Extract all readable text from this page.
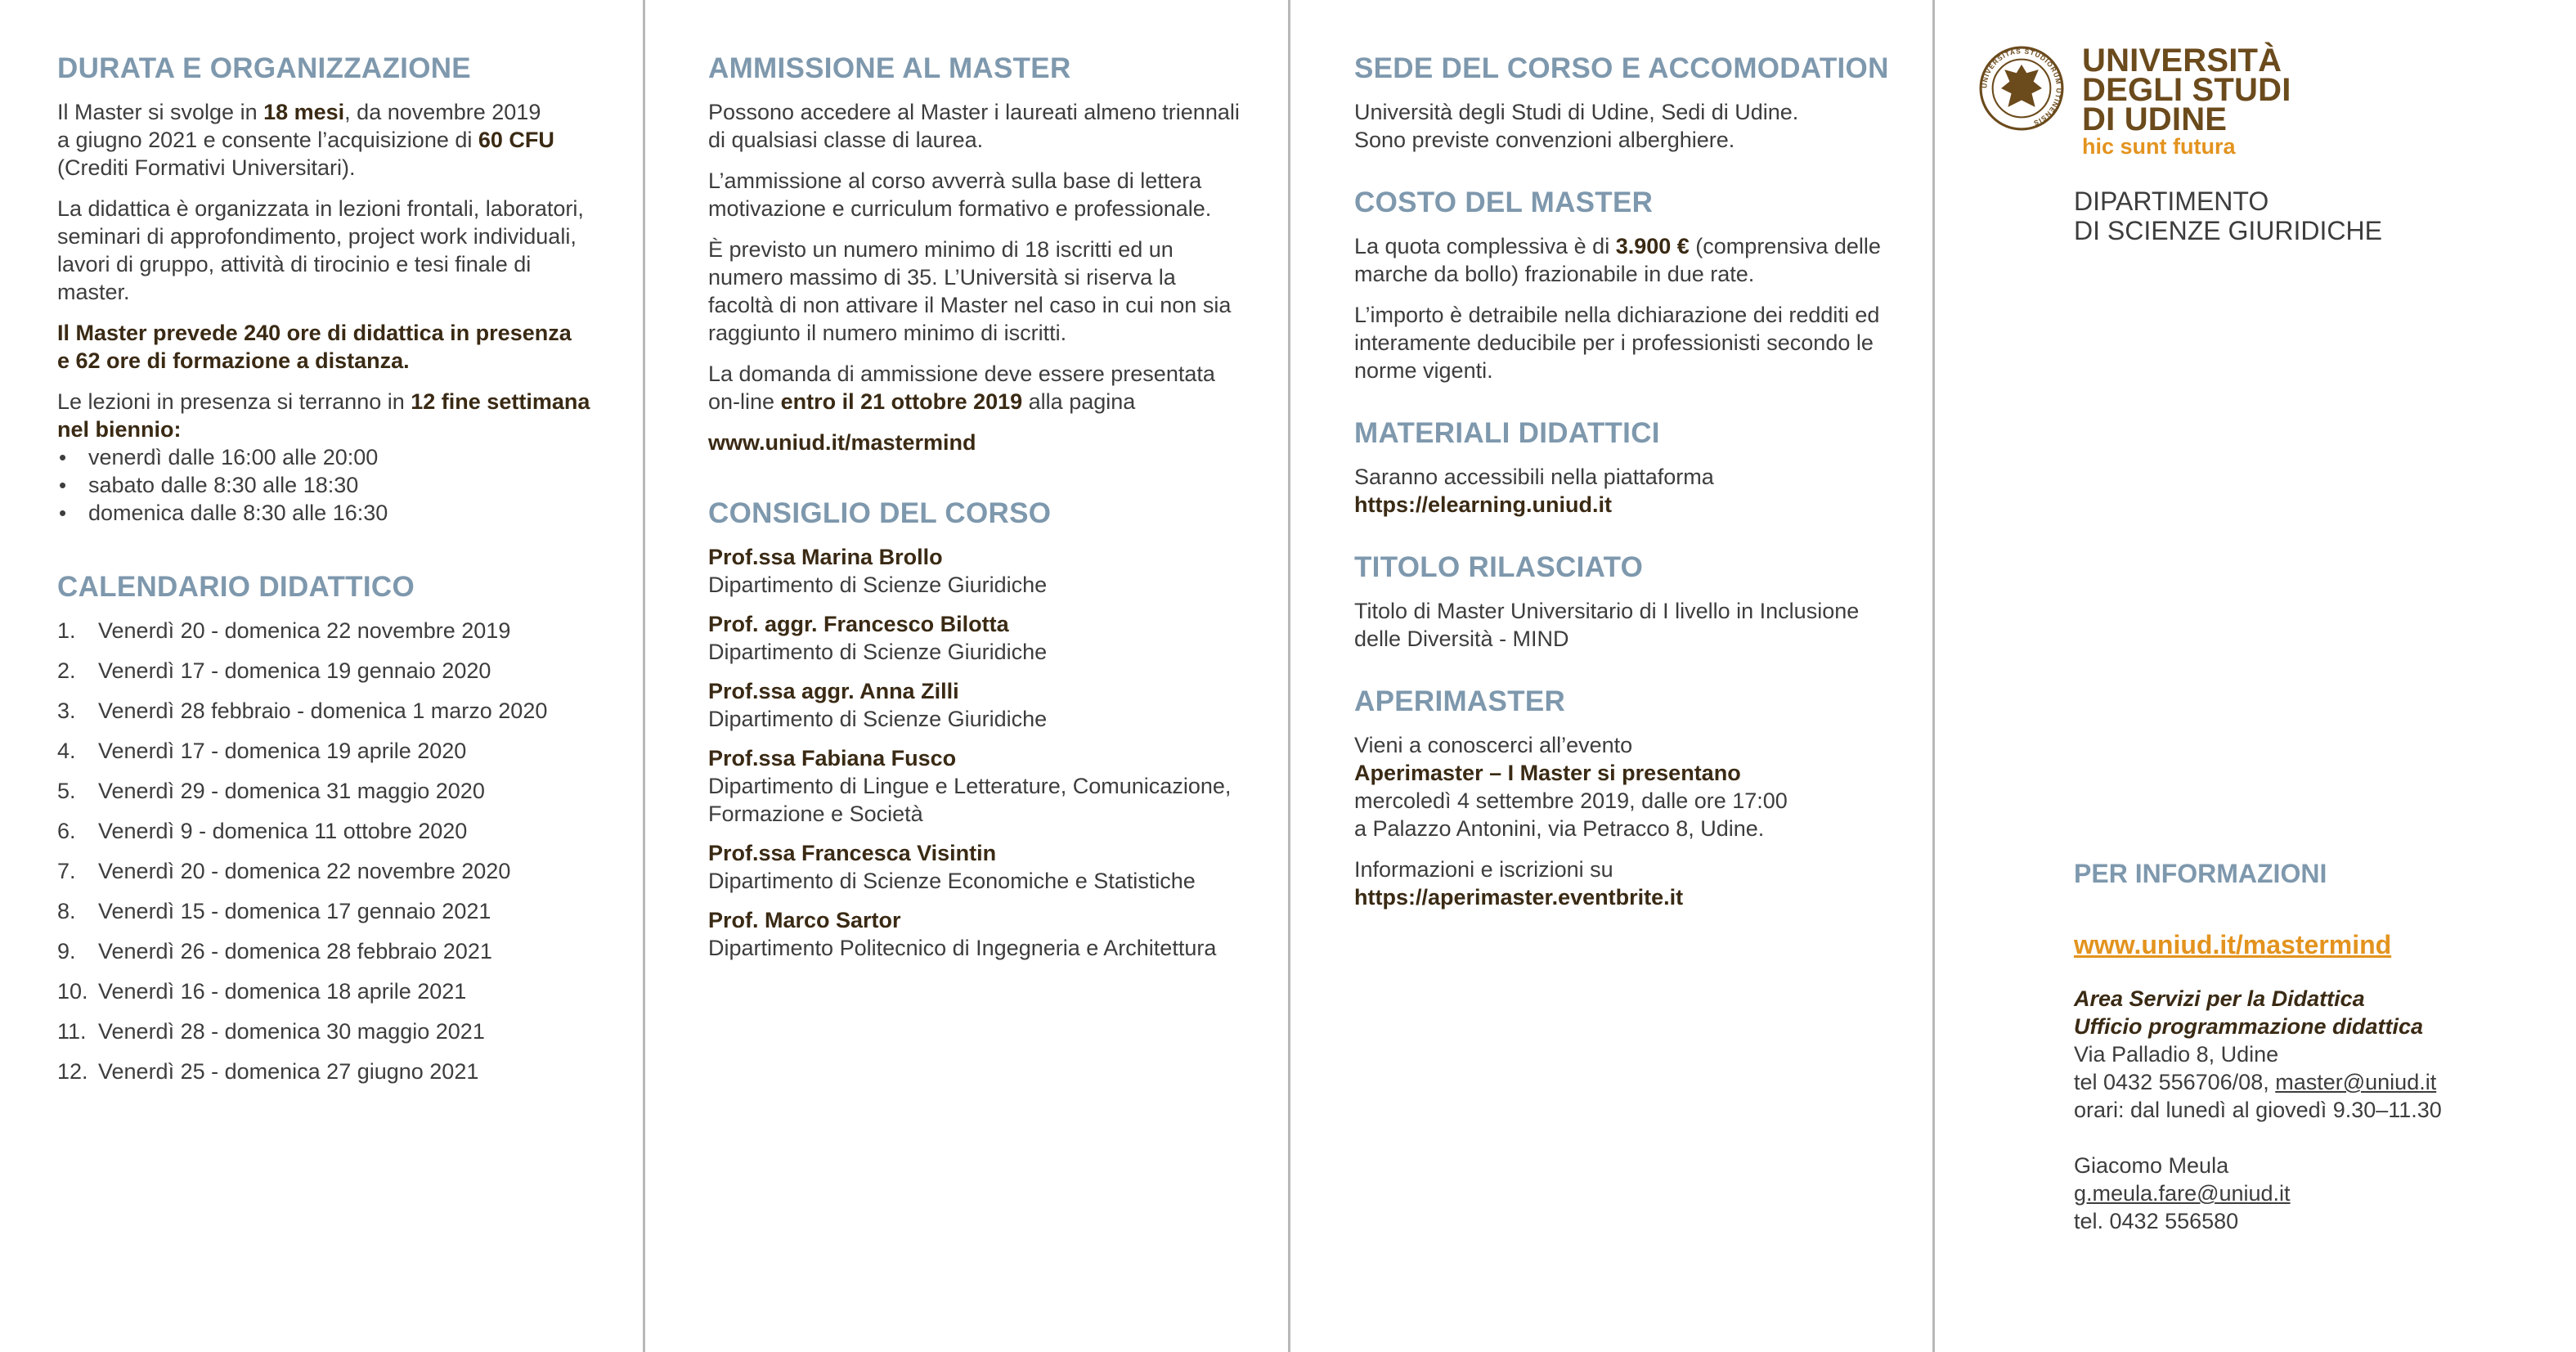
DURATA E ORGANIZZAZIONE

Il Master si svolge in 18 mesi, da novembre 2019
a giugno 2021 e consente l’acquisizione di 60 CFU
(Crediti Formativi Universitari).

La didattica è organizzata in lezioni frontali, laboratori,
seminari di approfondimento, project work individuali,
lavori di gruppo, attività di tirocinio e tesi finale di
master.

Il Master prevede 240 ore di didattica in presenza
e 62 ore di formazione a distanza.

Le lezioni in presenza si terranno in 12 fine settimana
nel biennio:

• venerdì dalle 16:00 alle 20:00
• sabato dalle 8:30 alle 18:30
• domenica dalle 8:30 alle 16:30
CALENDARIO DIDATTICO
1.	Venerdì 20 - domenica 22 novembre 2019
2.	Venerdì 17 - domenica 19 gennaio 2020
3.	Venerdì 28 febbraio - domenica 1 marzo 2020
4.	Venerdì 17 - domenica 19 aprile 2020
5.	Venerdì 29 - domenica 31 maggio 2020
6.	Venerdì 9 - domenica 11 ottobre 2020
7.	Venerdì 20 - domenica 22 novembre 2020
8.	Venerdì 15 - domenica 17 gennaio 2021
9.	Venerdì 26 - domenica 28 febbraio 2021
10. Venerdì 16 - domenica 18 aprile 2021
11. Venerdì 28 - domenica 30 maggio 2021
12. Venerdì 25 - domenica 27 giugno 2021
AMMISSIONE AL MASTER

Possono accedere al Master i laureati almeno triennali
di qualsiasi classe di laurea.

L’ammissione al corso avverrà sulla base di lettera
motivazione e curriculum formativo e professionale.

È previsto un numero minimo di 18 iscritti ed un
numero massimo di 35. L’Università si riserva la
facoltà di non attivare il Master nel caso in cui non sia
raggiunto il numero minimo di iscritti.

La domanda di ammissione deve essere presentata
on-line entro il 21 ottobre 2019 alla pagina

www.uniud.it/mastermind

CONSIGLIO DEL CORSO
Prof.ssa Marina Brollo
Dipartimento di Scienze Giuridiche
Prof. aggr. Francesco Bilotta
Dipartimento di Scienze Giuridiche
Prof.ssa aggr. Anna Zilli
Dipartimento di Scienze Giuridiche
Prof.ssa Fabiana Fusco
Dipartimento di Lingue e Letterature, Comunicazione,
Formazione e Società
Prof.ssa Francesca Visintin
Dipartimento di Scienze Economiche e Statistiche
Prof. Marco Sartor
Dipartimento Politecnico di Ingegneria e Architettura
SEDE DEL CORSO E ACCOMODATION

Università degli Studi di Udine, Sedi di Udine.
Sono previste convenzioni alberghiere.

COSTO DEL MASTER

La quota complessiva è di 3.900 € (comprensiva delle
marche da bollo) frazionabile in due rate.

L’importo è detraibile nella dichiarazione dei redditi ed
interamente deducibile per i professionisti secondo le
norme vigenti.

MATERIALI DIDATTICI

Saranno accessibili nella piattaforma
https://elearning.uniud.it

TITOLO RILASCIATO

Titolo di Master Universitario di I livello in Inclusione
delle Diversità - MIND

APERIMASTER

Vieni a conoscerci all’evento
Aperimaster – I Master si presentano
mercoledì 4 settembre 2019, dalle ore 17:00
a Palazzo Antonini, via Petracco 8, Udine.

Informazioni e iscrizioni su
https://aperimaster.eventbrite.it

UNIVERSITAS STUDIORUM UTINENSIS
UNIVERSITÀ
DEGLI STUDI
DI UDINE
hic sunt futura
DIPARTIMENTO
DI SCIENZE GIURIDICHE
PER INFORMAZIONI
www.uniud.it/mastermind
Area Servizi per la Didattica
Ufficio programmazione didattica
Via Palladio 8, Udine
tel 0432 556706/08, master@uniud.it
orari: dal lunedì al giovedì 9.30–11.30
Giacomo Meula
g.meula.fare@uniud.it
tel. 0432 556580
